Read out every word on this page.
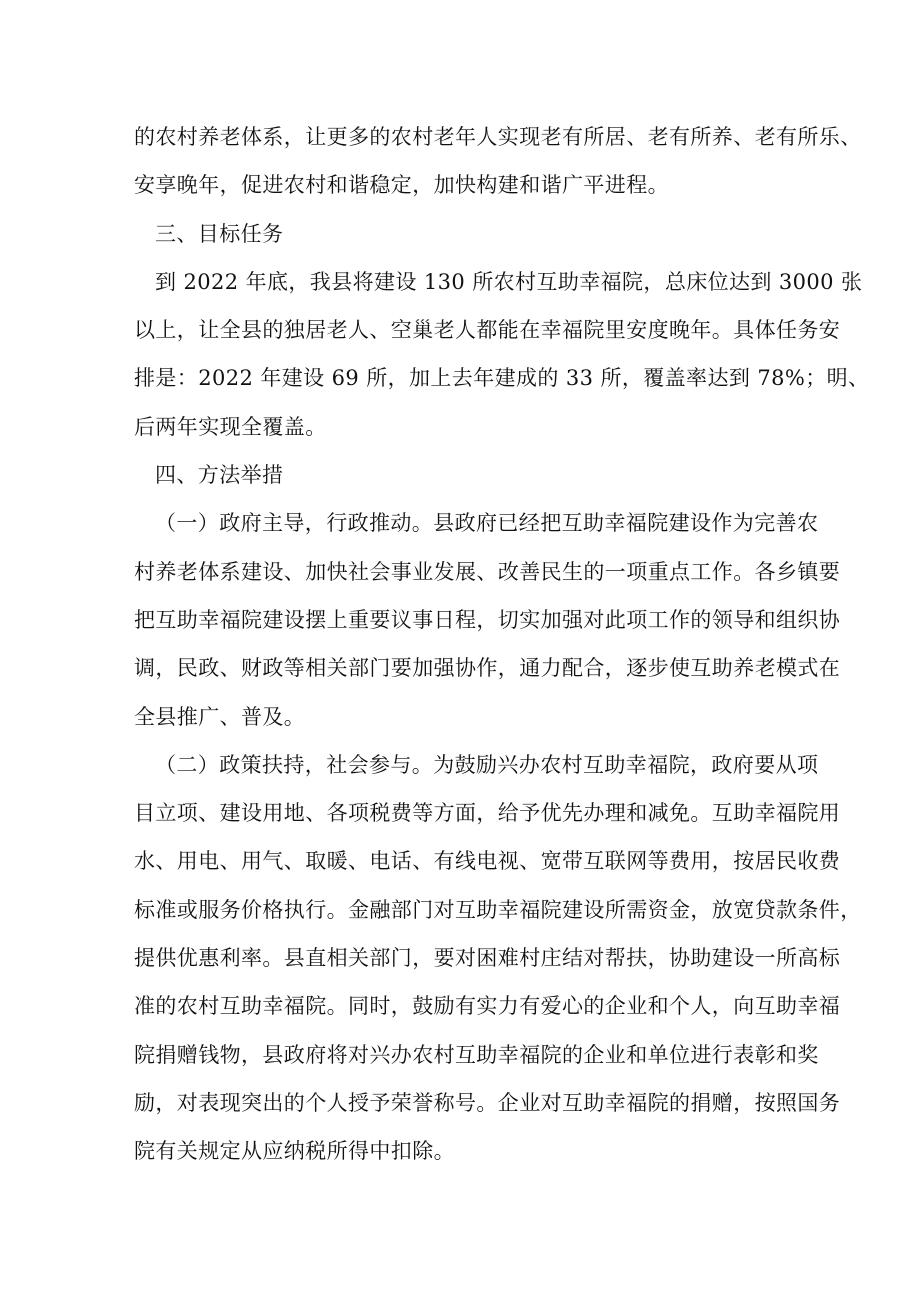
的农村养老体系，让更多的农村老年人实现老有所居、老有所养、老有所乐、
安享晚年，促进农村和谐稳定，加快构建和谐广平进程。
三、目标任务
到 2022 年底，我县将建设 130 所农村互助幸福院，总床位达到 3000 张
以上，让全县的独居老人、空巢老人都能在幸福院里安度晚年。具体任务安
排是：2022 年建设 69 所，加上去年建成的 33 所，覆盖率达到 78%；明、
后两年实现全覆盖。
四、方法举措
（一）政府主导，行政推动。县政府已经把互助幸福院建设作为完善农
村养老体系建设、加快社会事业发展、改善民生的一项重点工作。各乡镇要
把互助幸福院建设摆上重要议事日程，切实加强对此项工作的领导和组织协
调，民政、财政等相关部门要加强协作，通力配合，逐步使互助养老模式在
全县推广、普及。
（二）政策扶持，社会参与。为鼓励兴办农村互助幸福院，政府要从项
目立项、建设用地、各项税费等方面，给予优先办理和减免。互助幸福院用
水、用电、用气、取暖、电话、有线电视、宽带互联网等费用，按居民收费
标准或服务价格执行。金融部门对互助幸福院建设所需资金，放宽贷款条件，
提供优惠利率。县直相关部门，要对困难村庄结对帮扶，协助建设一所高标
准的农村互助幸福院。同时，鼓励有实力有爱心的企业和个人，向互助幸福
院捐赠钱物，县政府将对兴办农村互助幸福院的企业和单位进行表彰和奖
励，对表现突出的个人授予荣誉称号。企业对互助幸福院的捐赠，按照国务
院有关规定从应纳税所得中扣除。
